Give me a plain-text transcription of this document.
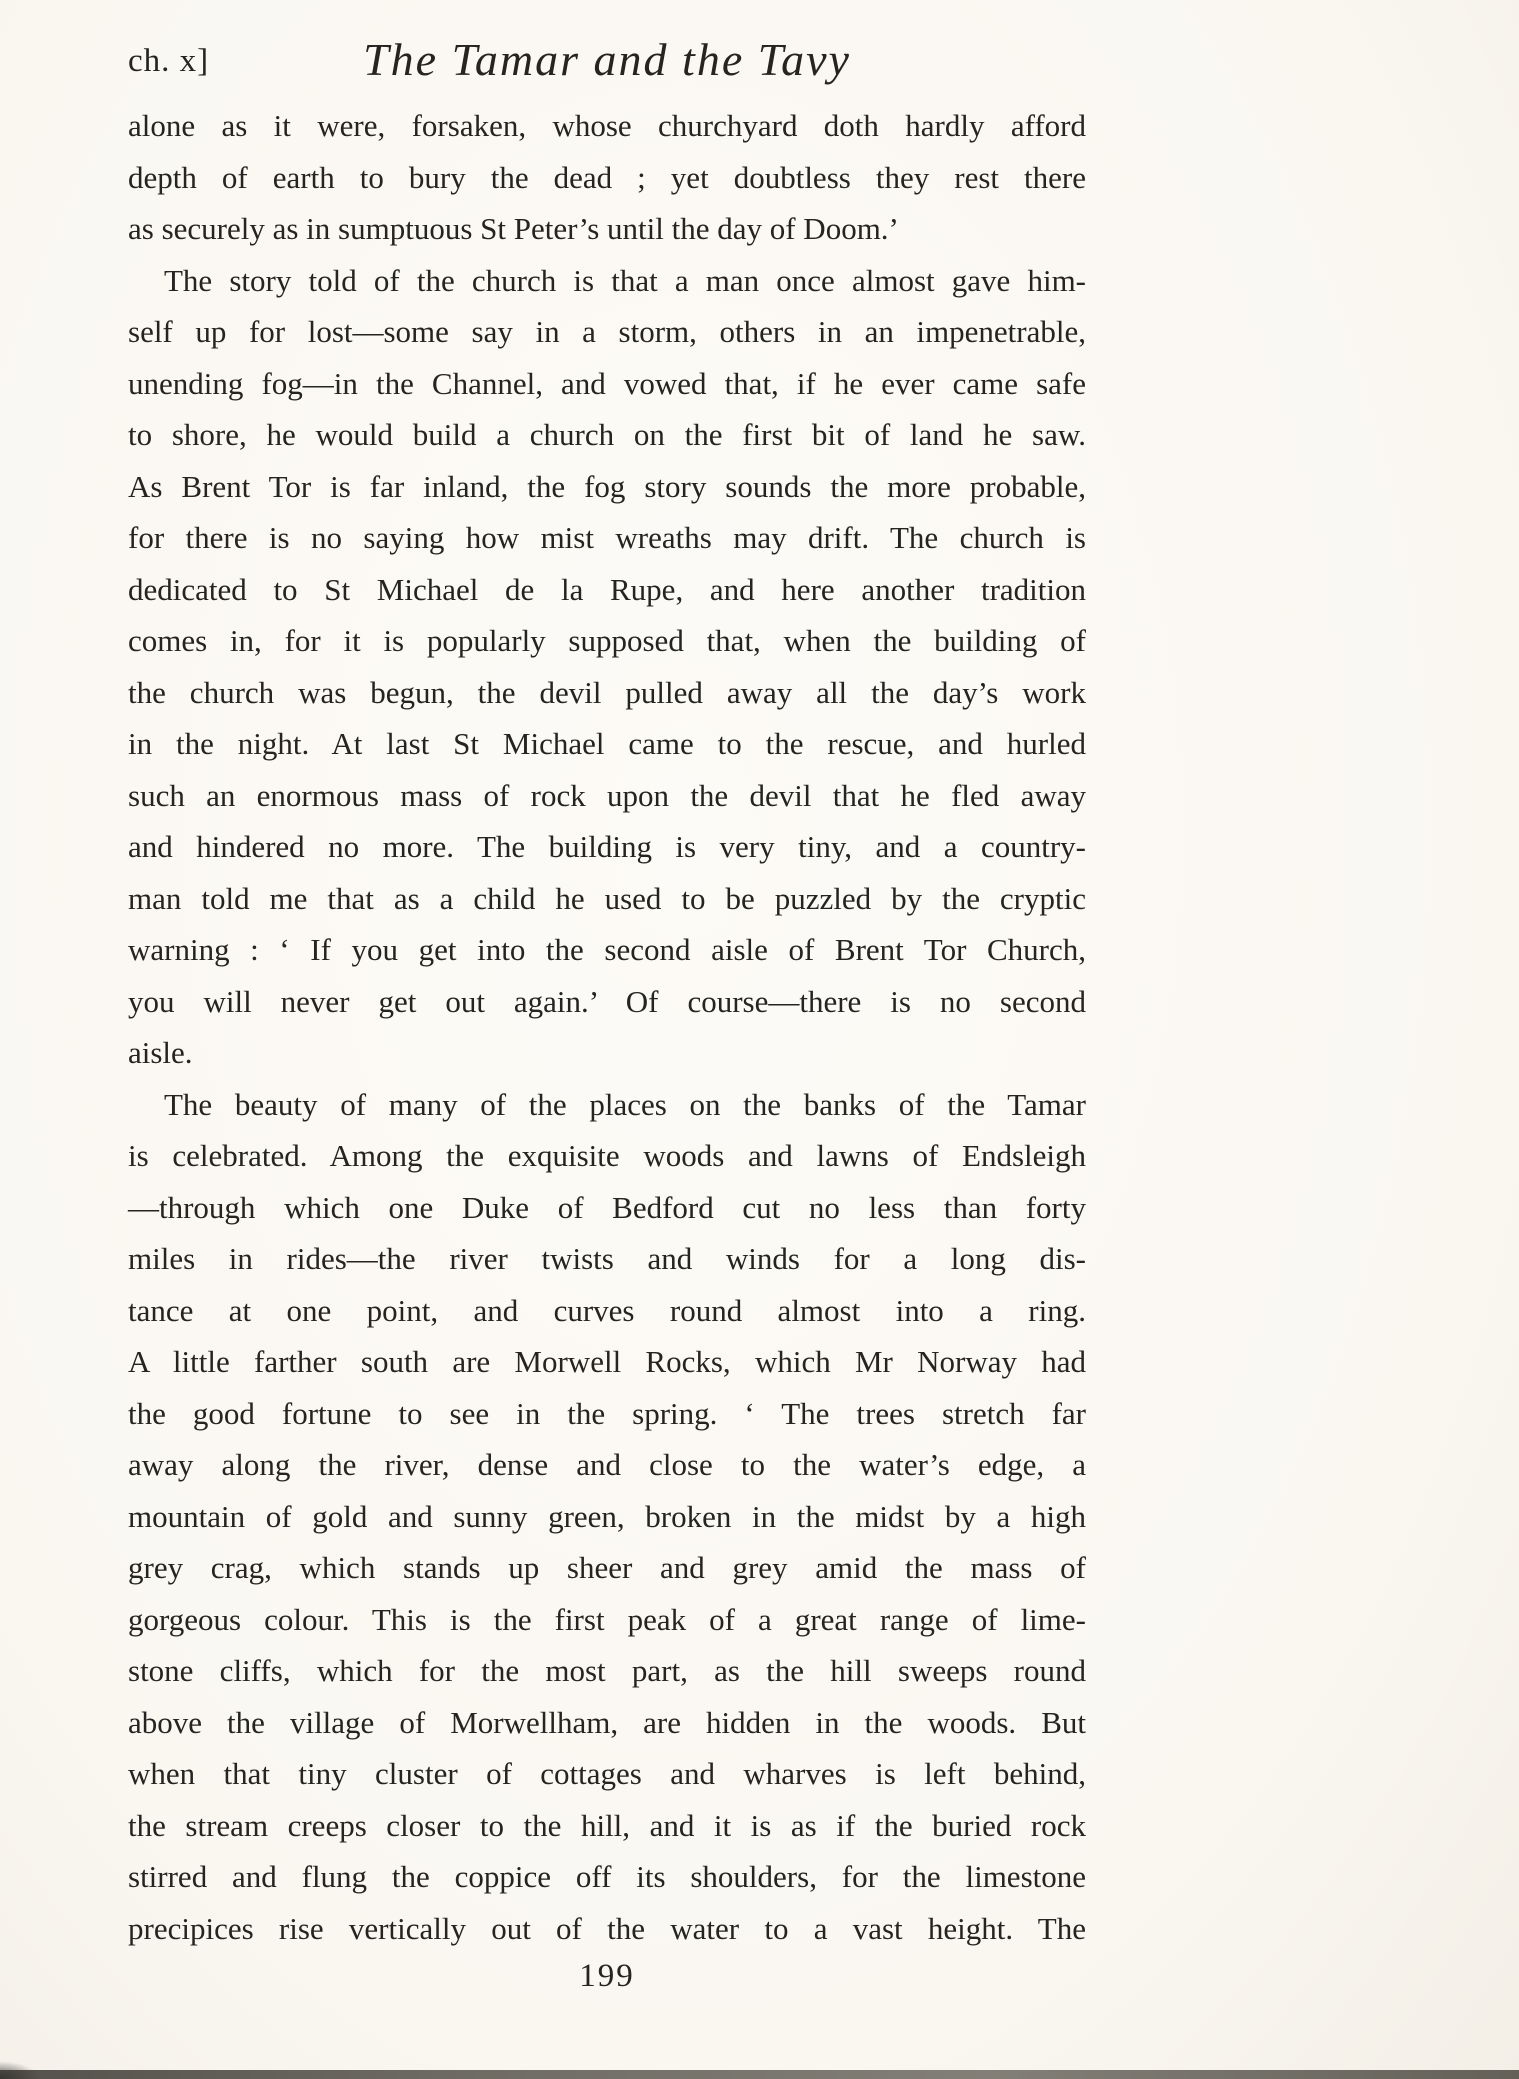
ch. x]	The Tamar and the Tavy
alone as it were, forsaken, whose churchyard doth hardly afford
depth of earth to bury the dead ; yet doubtless they rest there
as securely as in sumptuous St Peter’s until the day of Doom.’
The story told of the church is that a man once almost gave him-
self up for lost—some say in a storm, others in an impenetrable,
unending fog—in the Channel, and vowed that, if he ever came safe
to shore, he would build a church on the first bit of land he saw.
As Brent Tor is far inland, the fog story sounds the more probable,
for there is no saying how mist wreaths may drift. The church is
dedicated to St Michael de la Rupe, and here another tradition
comes in, for it is popularly supposed that, when the building of
the church was begun, the devil pulled away all the day’s work
in the night. At last St Michael came to the rescue, and hurled
such an enormous mass of rock upon the devil that he fled away
and hindered no more. The building is very tiny, and a country-
man told me that as a child he used to be puzzled by the cryptic
warning : ‘ If you get into the second aisle of Brent Tor Church,
you will never get out again.’ Of course—there is no second
aisle.
The beauty of many of the places on the banks of the Tamar
is celebrated. Among the exquisite woods and lawns of Endsleigh
—through which one Duke of Bedford cut no less than forty
miles in rides—the river twists and winds for a long dis-
tance at one point, and curves round almost into a ring.
A little farther south are Morwell Rocks, which Mr Norway had
the good fortune to see in the spring. ‘ The trees stretch far
away along the river, dense and close to the water’s edge, a
mountain of gold and sunny green, broken in the midst by a high
grey crag, which stands up sheer and grey amid the mass of
gorgeous colour. This is the first peak of a great range of lime-
stone cliffs, which for the most part, as the hill sweeps round
above the village of Morwellham, are hidden in the woods. But
when that tiny cluster of cottages and wharves is left behind,
the stream creeps closer to the hill, and it is as if the buried rock
stirred and flung the coppice off its shoulders, for the limestone
precipices rise vertically out of the water to a vast height. The
199
